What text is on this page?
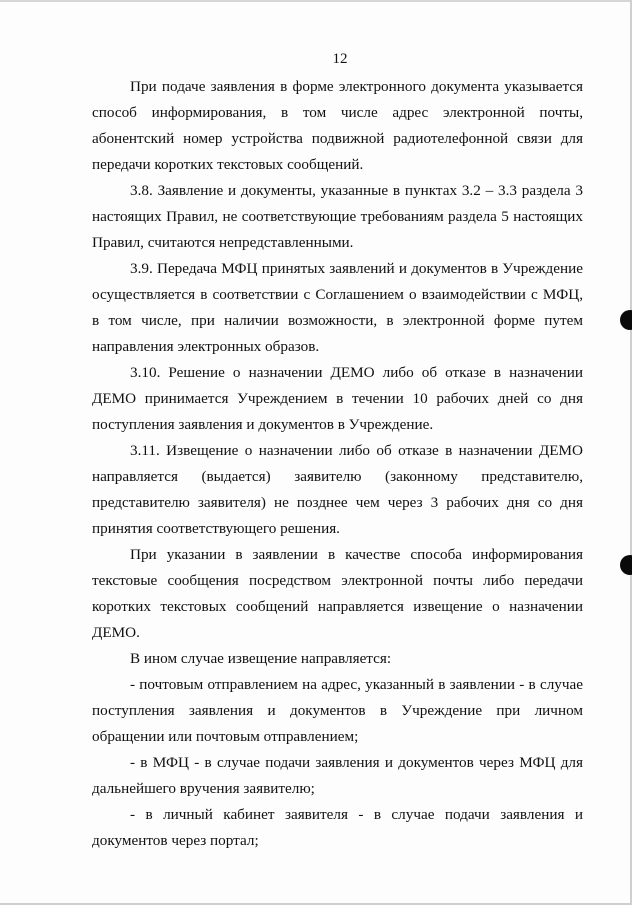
12

При подаче заявления в форме электронного документа указывается способ информирования, в том числе адрес электронной почты, абонентский номер устройства подвижной радиотелефонной связи для передачи коротких текстовых сообщений.

3.8. Заявление и документы, указанные в пунктах 3.2 – 3.3 раздела 3 настоящих Правил, не соответствующие требованиям раздела 5 настоящих Правил, считаются непредставленными.

3.9. Передача МФЦ принятых заявлений и документов в Учреждение осуществляется в соответствии с Соглашением о взаимодействии с МФЦ, в том числе, при наличии возможности, в электронной форме путем направления электронных образов.

3.10. Решение о назначении ДЕМО либо об отказе в назначении ДЕМО принимается Учреждением в течении 10 рабочих дней со дня поступления заявления и документов в Учреждение.

3.11. Извещение о назначении либо об отказе в назначении ДЕМО направляется (выдается) заявителю (законному представителю, представителю заявителя) не позднее чем через 3 рабочих дня со дня принятия соответствующего решения.

При указании в заявлении в качестве способа информирования текстовые сообщения посредством электронной почты либо передачи коротких текстовых сообщений направляется извещение о назначении ДЕМО.

В ином случае извещение направляется:

- почтовым отправлением на адрес, указанный в заявлении - в случае поступления заявления и документов в Учреждение при личном обращении или почтовым отправлением;

- в МФЦ - в случае подачи заявления и документов через МФЦ для дальнейшего вручения заявителю;

- в личный кабинет заявителя - в случае подачи заявления и документов через портал;
